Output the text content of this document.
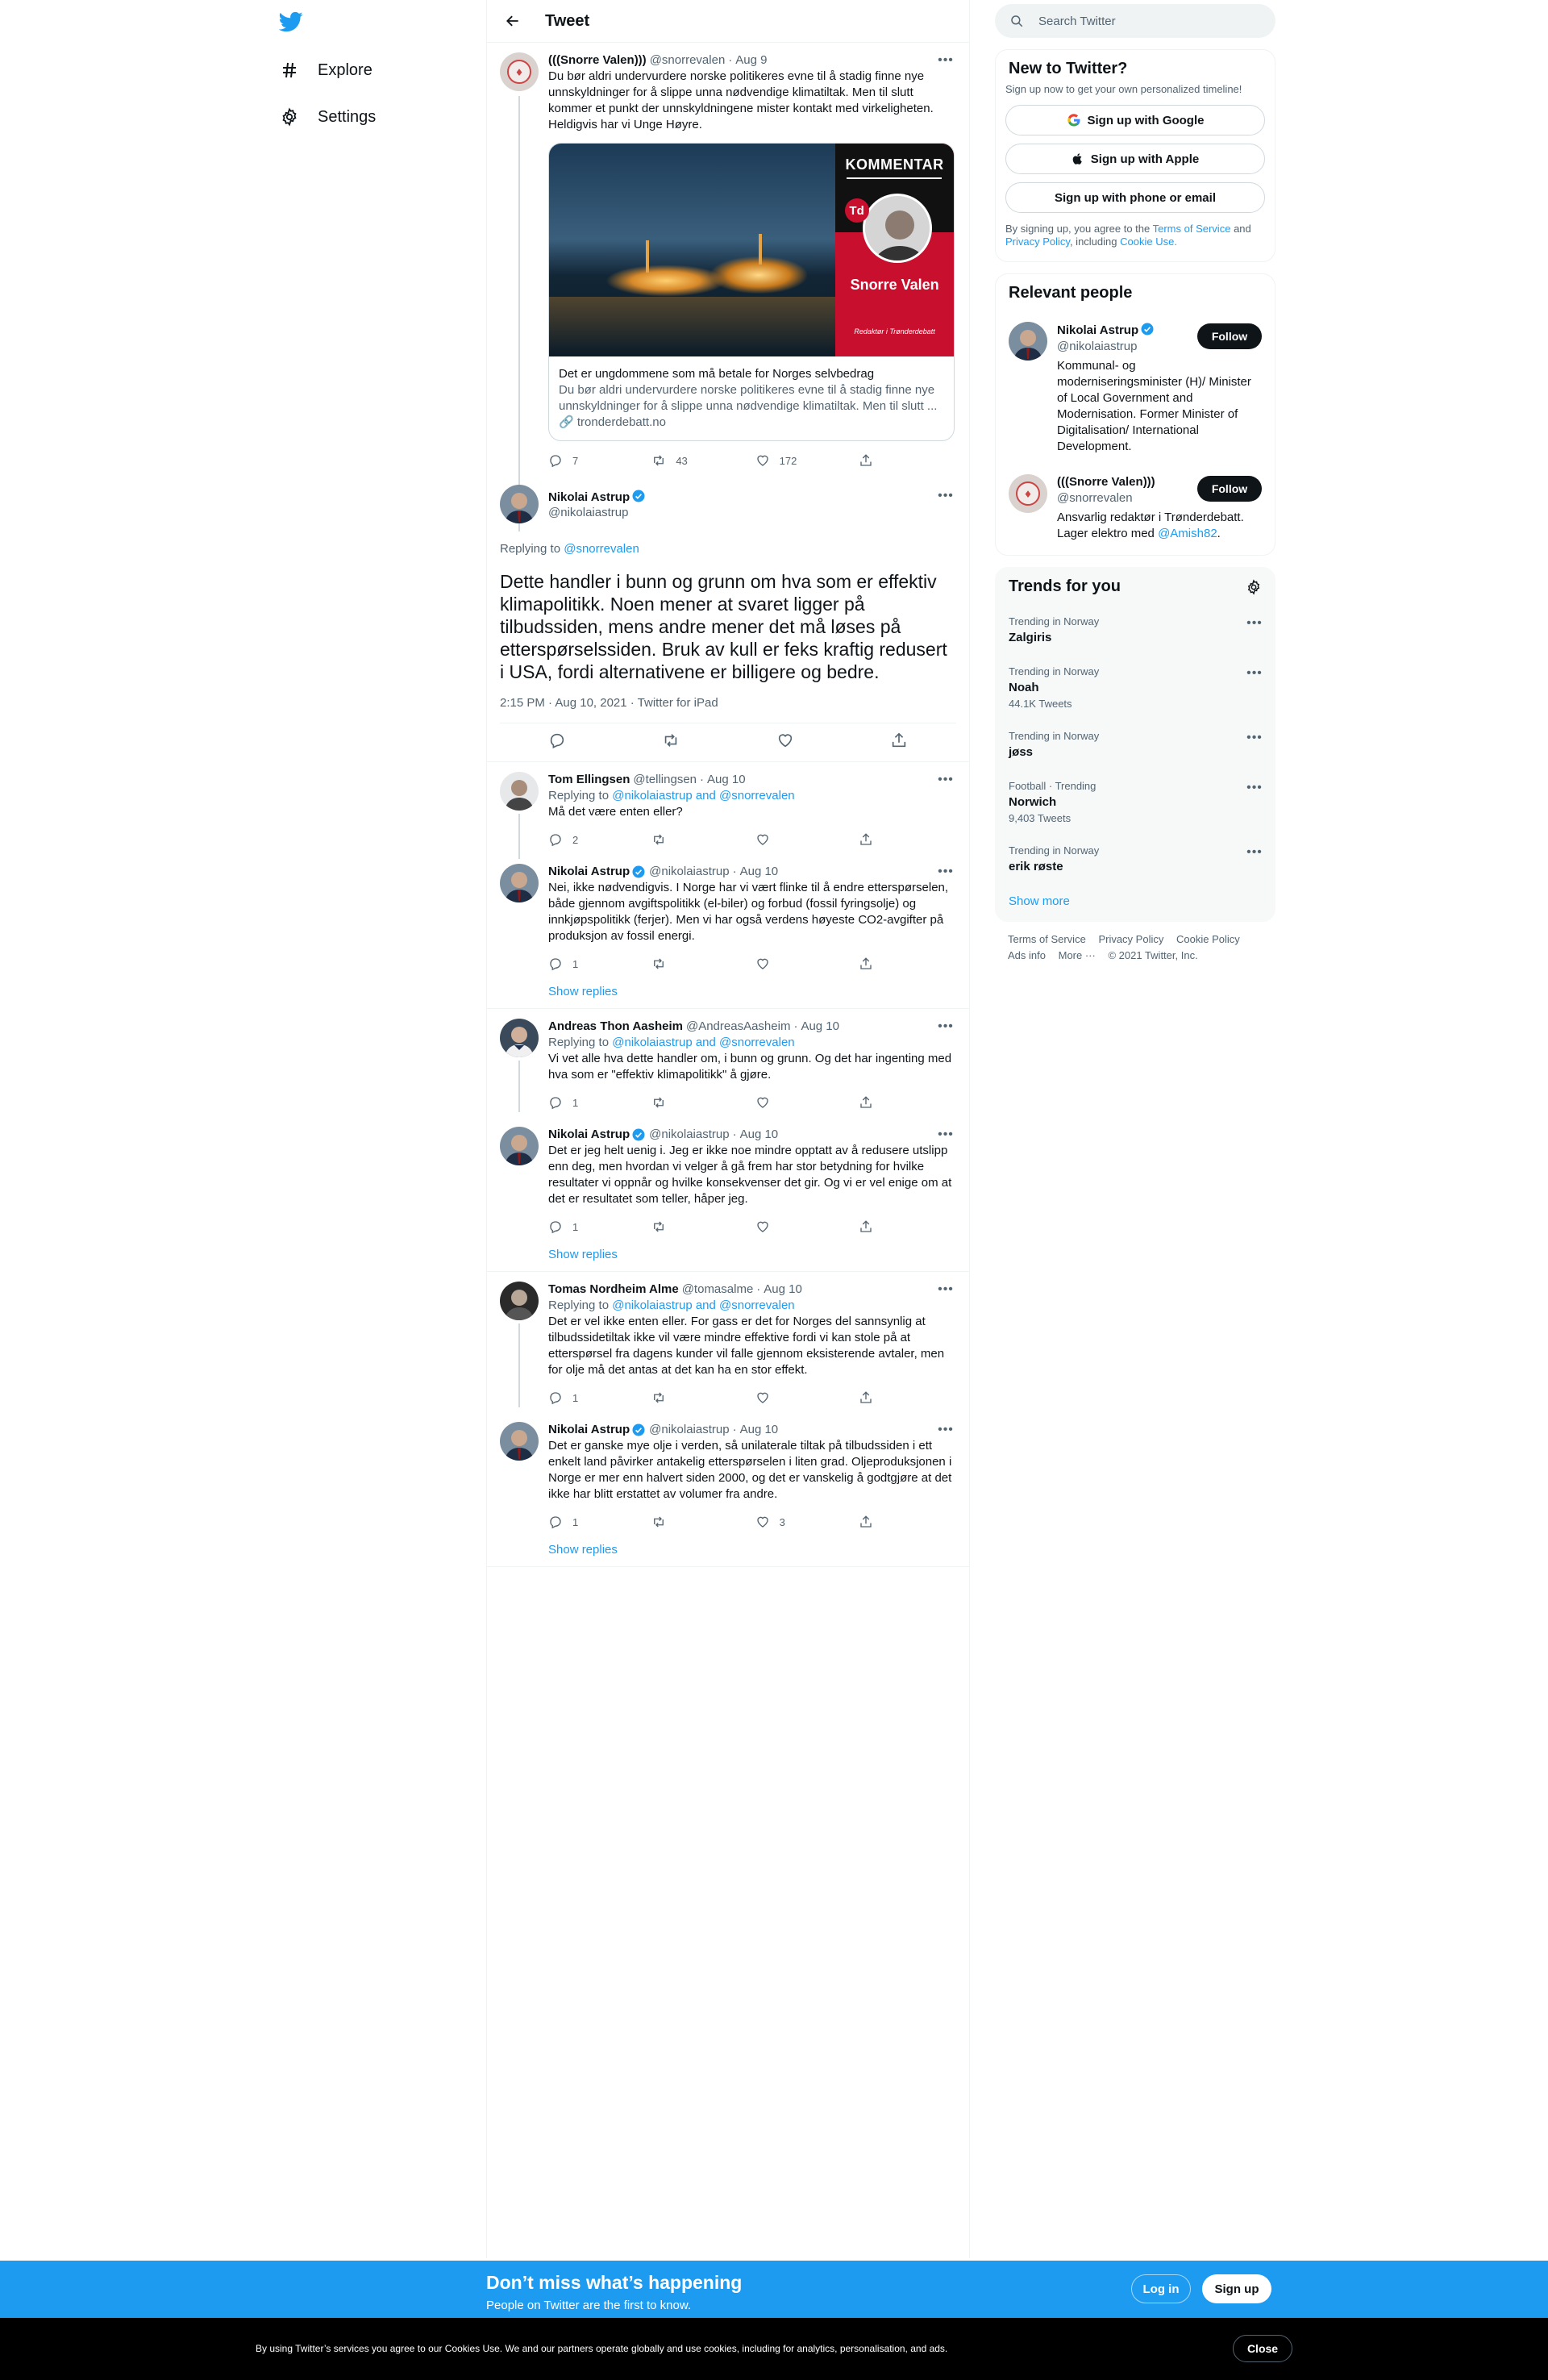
Explore
Settings
Tweet
♦
(((Snorre Valen))) @snorrevalen · Aug 9	•••
Du bør aldri undervurdere norske politikeres evne til å stadig finne nye unnskyldninger for å slippe unna nødvendige klimatiltak. Men til slutt kommer et punkt der unnskyldningene mister kontakt med virkeligheten. Heldigvis har vi Unge Høyre.
KOMMENTAR
Td
Snorre Valen
Redaktør i Trønderdebatt
Det er ungdommene som må betale for Norges selvbedrag
Du bør aldri undervurdere norske politikeres evne til å stadig finne nye unnskyldninger for å slippe unna nødvendige klimatiltak. Men til slutt ...
🔗 tronderdebatt.no
7	43	172
Nikolai Astrup
@nikolaiastrup
•••
Replying to @snorrevalen
Dette handler i bunn og grunn om hva som er effektiv klimapolitikk. Noen mener at svaret ligger på tilbudssiden, mens andre mener det må løses på etterspørselssiden. Bruk av kull er feks kraftig redusert i USA, fordi alternativene er billigere og bedre.
2:15 PM · Aug 10, 2021 · Twitter for iPad
Tom Ellingsen @tellingsen · Aug 10	•••
Replying to @nikolaiastrup and @snorrevalen
Må det være enten eller?
2
Nikolai Astrup @nikolaiastrup · Aug 10	•••
Nei, ikke nødvendigvis. I Norge har vi vært flinke til å endre etterspørselen, både gjennom avgiftspolitikk (el-biler) og forbud (fossil fyringsolje) og innkjøpspolitikk (ferjer). Men vi har også verdens høyeste CO2-avgifter på produksjon av fossil energi.
1
Show replies
Andreas Thon Aasheim @AndreasAasheim · Aug 10	•••
Replying to @nikolaiastrup and @snorrevalen
Vi vet alle hva dette handler om, i bunn og grunn. Og det har ingenting med hva som er "effektiv klimapolitikk" å gjøre.
1
Nikolai Astrup @nikolaiastrup · Aug 10	•••
Det er jeg helt uenig i. Jeg er ikke noe mindre opptatt av å redusere utslipp enn deg, men hvordan vi velger å gå frem har stor betydning for hvilke resultater vi oppnår og hvilke konsekvenser det gir. Og vi er vel enige om at det er resultatet som teller, håper jeg.
1
Show replies
Tomas Nordheim Alme @tomasalme · Aug 10	•••
Replying to @nikolaiastrup and @snorrevalen
Det er vel ikke enten eller. For gass er det for Norges del sannsynlig at tilbudssidetiltak ikke vil være mindre effektive fordi vi kan stole på at etterspørsel fra dagens kunder vil falle gjennom eksisterende avtaler, men for olje må det antas at det kan ha en stor effekt.
1
Nikolai Astrup @nikolaiastrup · Aug 10	•••
Det er ganske mye olje i verden, så unilaterale tiltak på tilbudssiden i ett enkelt land påvirker antakelig etterspørselen i liten grad. Oljeproduksjonen i Norge er mer enn halvert siden 2000, og det er vanskelig å godtgjøre at det ikke har blitt erstattet av volumer fra andre.
1	3
Show replies
Search Twitter
New to Twitter?
Sign up now to get your own personalized timeline!
Sign up with Google
Sign up with Apple
Sign up with phone or email
By signing up, you agree to the Terms of Service and
Privacy Policy, including Cookie Use.
Relevant people
Nikolai Astrup
@nikolaiastrup
Kommunal- og moderniseringsminister (H)/ Minister of Local Government and Modernisation. Former Minister of Digitalisation/ International Development.
Follow
♦
(((Snorre Valen)))
@snorrevalen
Ansvarlig redaktør i Trønderdebatt. Lager elektro med @Amish82.
Follow
Trends for you
Trending in Norway
Zalgiris
•••
Trending in Norway
Noah
44.1K Tweets
•••
Trending in Norway
jøss
•••
Football · Trending
Norwich
9,403 Tweets
•••
Trending in Norway
erik røste
•••
Show more
Terms of Service Privacy Policy Cookie Policy
Ads info More ··· © 2021 Twitter, Inc.
Don’t miss what’s happening
People on Twitter are the first to know.
Log in	Sign up
By using Twitter’s services you agree to our Cookies Use. We and our partners operate globally and use cookies, including for analytics, personalisation, and ads.	Close
